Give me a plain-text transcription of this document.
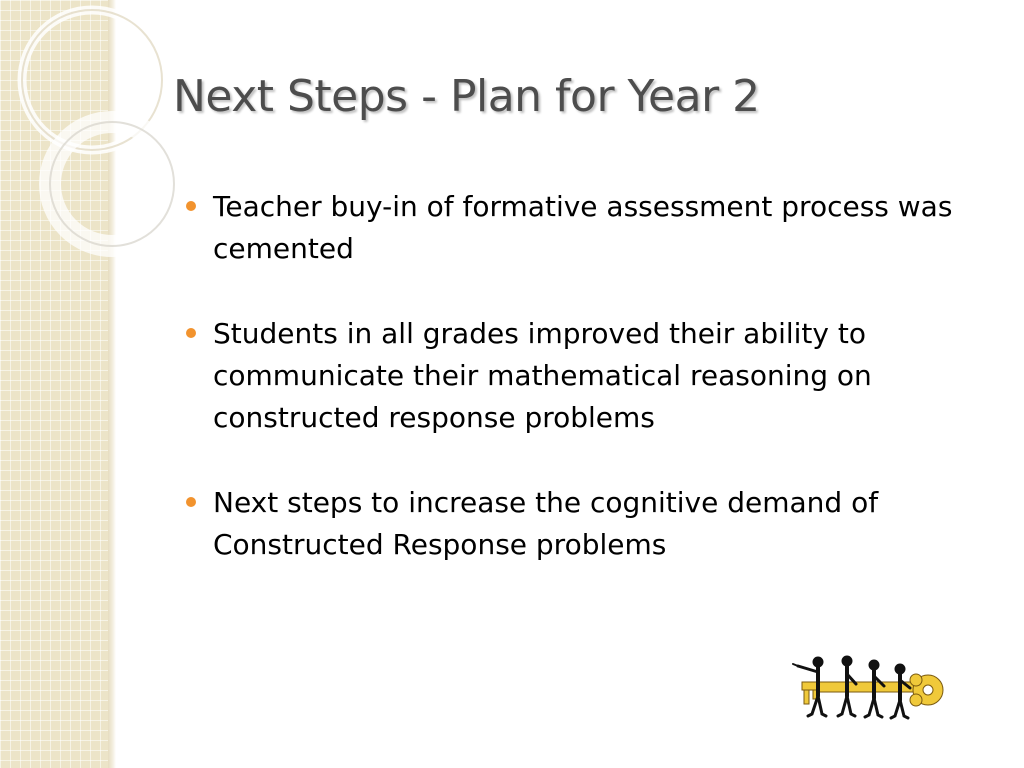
Next Steps - Plan for Year 2
Teacher buy-in of formative assessment process was cemented
Students in all grades improved their ability to communicate their mathematical reasoning on constructed response problems
Next steps to increase the cognitive demand of Constructed Response problems
